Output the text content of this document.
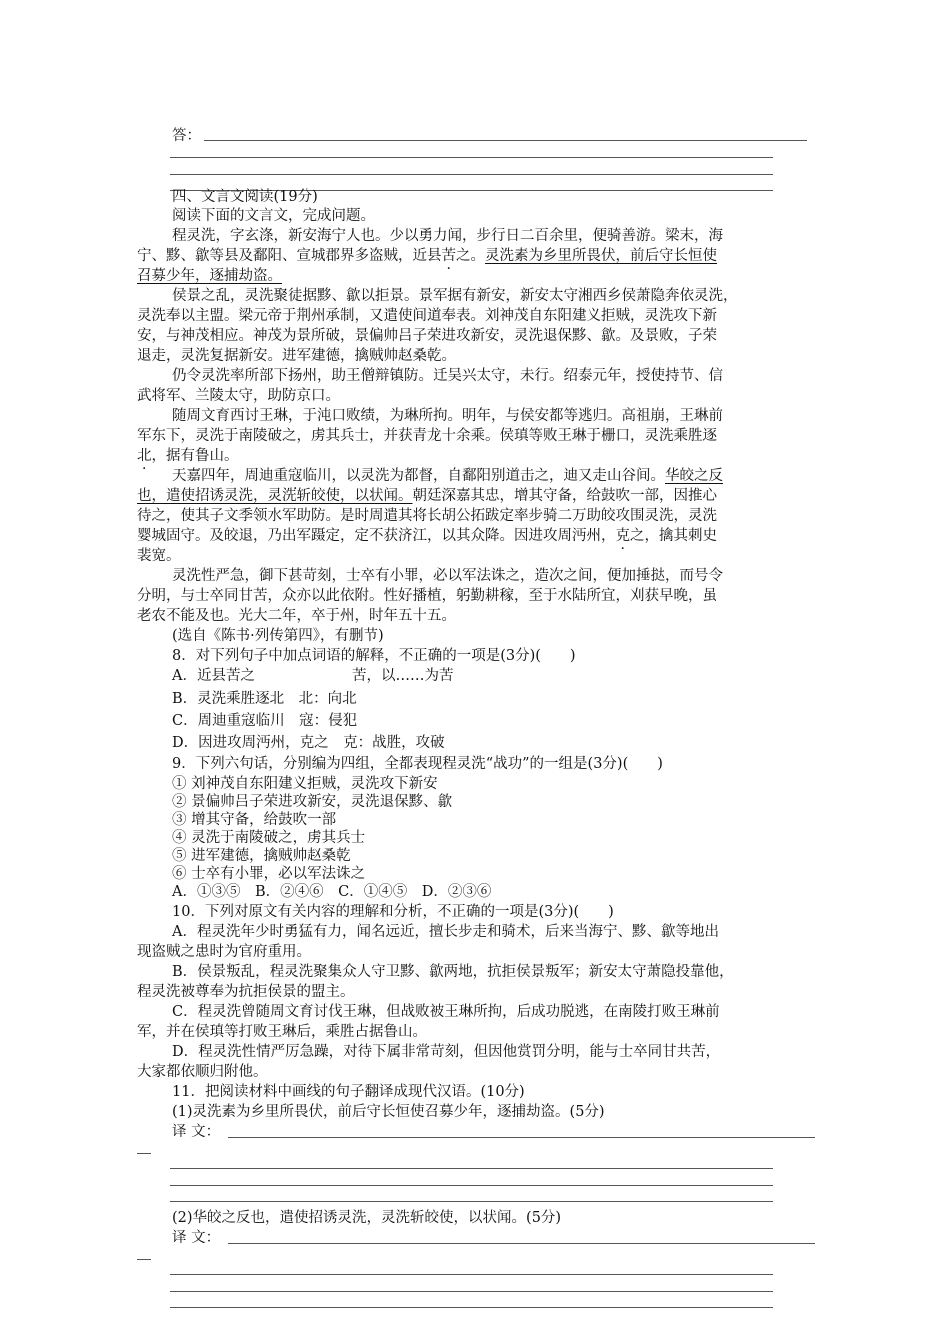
答：
四、文言文阅读(19分)
阅读下面的文言文，完成问题。
程灵洗，字玄涤，新安海宁人也。少以勇力闻，步行日二百余里，便骑善游。梁末，海
宁、黟、歙等县及鄱阳、宣城郡界多盗贼，近县苦之。灵洗素为乡里所畏伏，前后守长恒使
召募少年，逐捕劫盗。
侯景之乱，灵洗聚徒据黟、歙以拒景。景军据有新安，新安太守湘西乡侯萧隐奔依灵洗，
灵洗奉以主盟。梁元帝于荆州承制，又遣使间道奉表。刘神茂自东阳建义拒贼，灵洗攻下新
安，与神茂相应。神茂为景所破，景偏帅吕子荣进攻新安，灵洗退保黟、歙。及景败，子荣
退走，灵洗复据新安。进军建德，擒贼帅赵桑乾。
仍令灵洗率所部下扬州，助王僧辩镇防。迁吴兴太守，未行。绍泰元年，授使持节、信
武将军、兰陵太守，助防京口。
随周文育西讨王琳，于沌口败绩，为琳所拘。明年，与侯安都等逃归。高祖崩，王琳前
军东下，灵洗于南陵破之，虏其兵士，并获青龙十余乘。侯瑱等败王琳于栅口，灵洗乘胜逐
北，据有鲁山。
天嘉四年，周迪重寇临川，以灵洗为都督，自鄱阳别道击之，迪又走山谷间。华皎之反
也，遣使招诱灵洗，灵洗斩皎使，以状闻。朝廷深嘉其忠，增其守备，给鼓吹一部，因推心
待之，使其子文季领水军助防。是时周遣其将长胡公拓跋定率步骑二万助皎攻围灵洗，灵洗
婴城固守。及皎退，乃出军蹑定，定不获济江，以其众降。因进攻周沔州，克之，擒其刺史
裴宽。
灵洗性严急，御下甚苛刻，士卒有小罪，必以军法诛之，造次之间，便加捶挞，而号令
分明，与士卒同甘苦，众亦以此依附。性好播植，躬勤耕稼，至于水陆所宜，刈获早晚，虽
老农不能及也。光大二年，卒于州，时年五十五。
(选自《陈书·列传第四》，有删节)
8．对下列句子中加点词语的解释，不正确的一项是(3分)(　　)
A．近县苦之	苦，以……为苦
B．灵洗乘胜逐北　 北：向北
C．周迪重寇临川　 寇：侵犯
D．因进攻周沔州，克之　 克：战胜，攻破
9．下列六句话，分别编为四组，全都表现程灵洗“战功”的一组是(3分)(　　)
① 刘神茂自东阳建义拒贼，灵洗攻下新安
② 景偏帅吕子荣进攻新安，灵洗退保黟、歙
③ 增其守备，给鼓吹一部
④ 灵洗于南陵破之，虏其兵士
⑤ 进军建德，擒贼帅赵桑乾
⑥ 士卒有小罪，必以军法诛之
A．①③⑤　B．②④⑥　C．①④⑤　D．②③⑥
10．下列对原文有关内容的理解和分析，不正确的一项是(3分)(　　)
A．程灵洗年少时勇猛有力，闻名远近，擅长步走和骑术，后来当海宁、黟、歙等地出
现盗贼之患时为官府重用。
B．侯景叛乱，程灵洗聚集众人守卫黟、歙两地，抗拒侯景叛军；新安太守萧隐投靠他，
程灵洗被尊奉为抗拒侯景的盟主。
C．程灵洗曾随周文育讨伐王琳，但战败被王琳所拘，后成功脱逃，在南陵打败王琳前
军，并在侯瑱等打败王琳后，乘胜占据鲁山。
D．程灵洗性情严厉急躁，对待下属非常苛刻，但因他赏罚分明，能与士卒同甘共苦，
大家都依顺归附他。
11．把阅读材料中画线的句子翻译成现代汉语。(10分)
(1)灵洗素为乡里所畏伏，前后守长恒使召募少年，逐捕劫盗。(5分)
译 文：
(2)华皎之反也，遣使招诱灵洗，灵洗斩皎使，以状闻。(5分)
译 文：
